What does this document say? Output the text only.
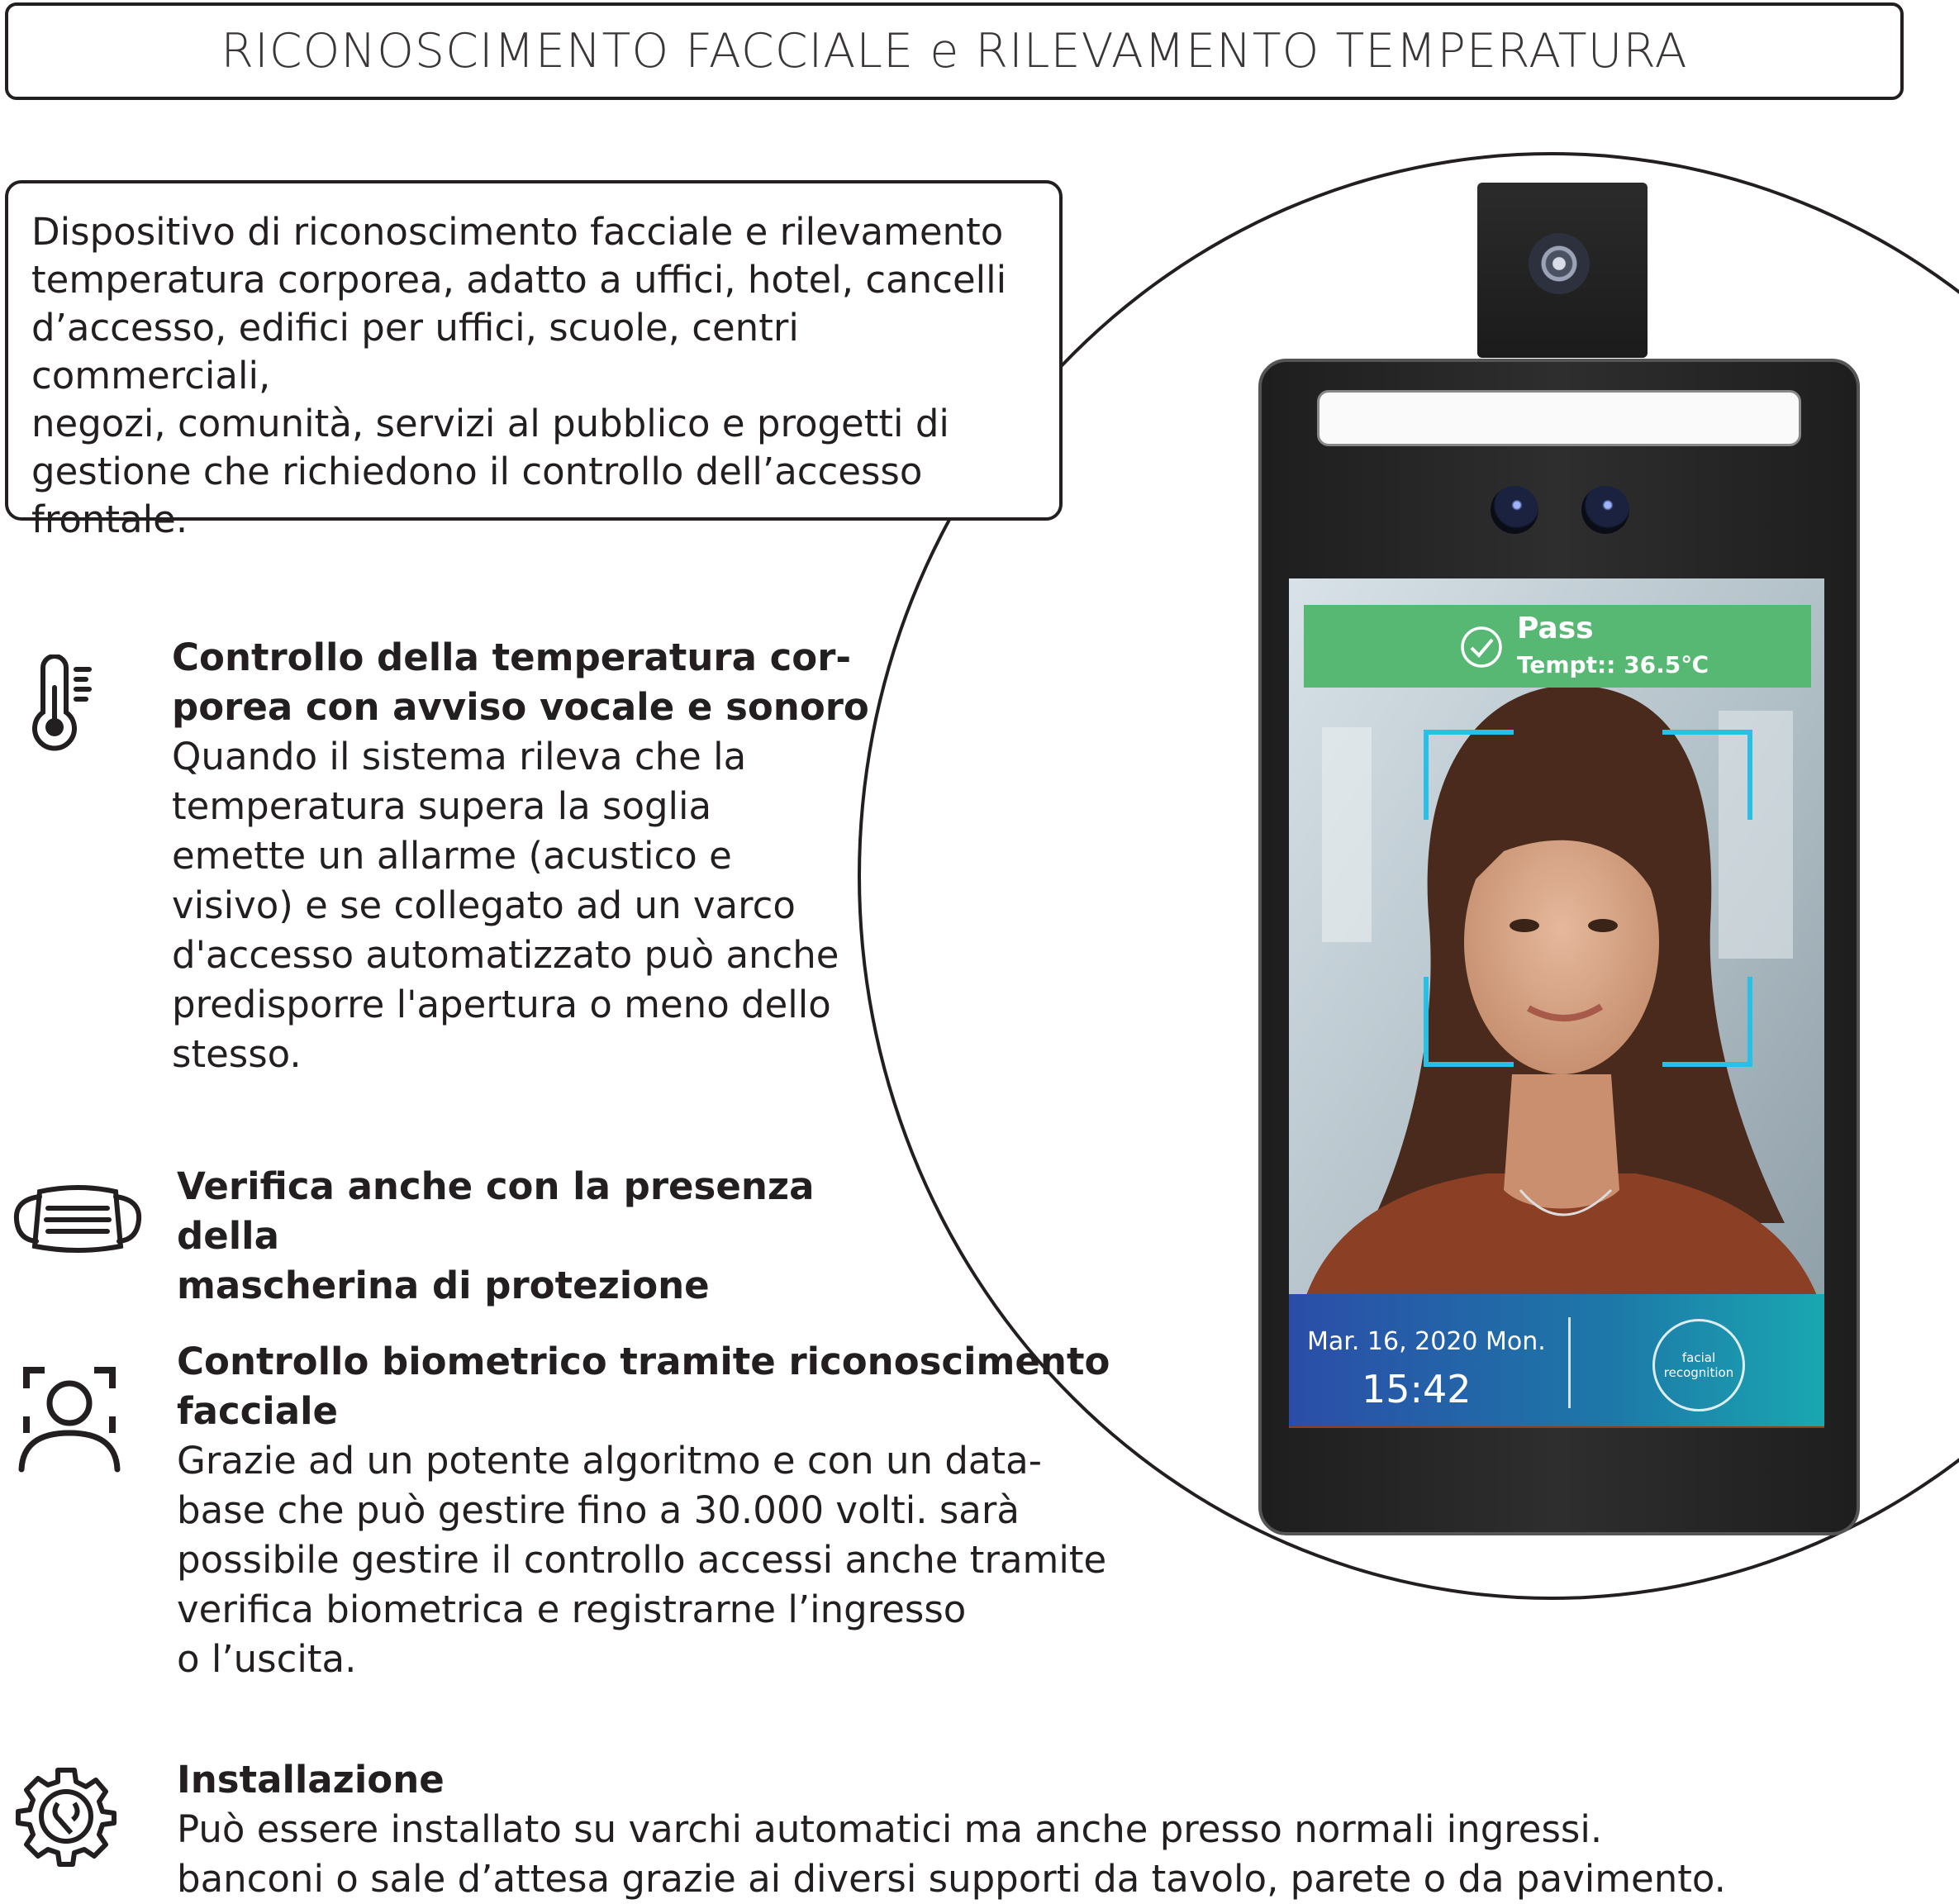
RICONOSCIMENTO FACCIALE e RILEVAMENTO TEMPERATURA

Dispositivo di riconoscimento facciale e rilevamento
temperatura corporea, adatto a uffici, hotel, cancelli
d’accesso, edifici per uffici, scuole, centri commerciali,
negozi, comunità, servizi al pubblico e progetti di
gestione che richiedono il controllo dell’accesso
frontale.

Pass
Tempt:: 36.5℃
Mar. 16, 2020 Mon.
15:42
facial
recognition
Controllo della temperatura cor-
porea con avviso vocale e sonoro

Quando il sistema rileva che la
temperatura supera la soglia
emette un allarme (acustico e
visivo) e se collegato ad un varco
d'accesso automatizzato può anche
predisporre l'apertura o meno dello
stesso.

Verifica anche con la presenza della
mascherina di protezione
Controllo biometrico tramite riconoscimento
facciale

Grazie ad un potente algoritmo e con un data-
base che può gestire fino a 30.000 volti. sarà
possibile gestire il controllo accessi anche tramite
verifica biometrica e registrarne l’ingresso
o l’uscita.

Installazione

Può essere installato su varchi automatici ma anche presso normali ingressi.
banconi o sale d’attesa grazie ai diversi supporti da tavolo, parete o da pavimento.
